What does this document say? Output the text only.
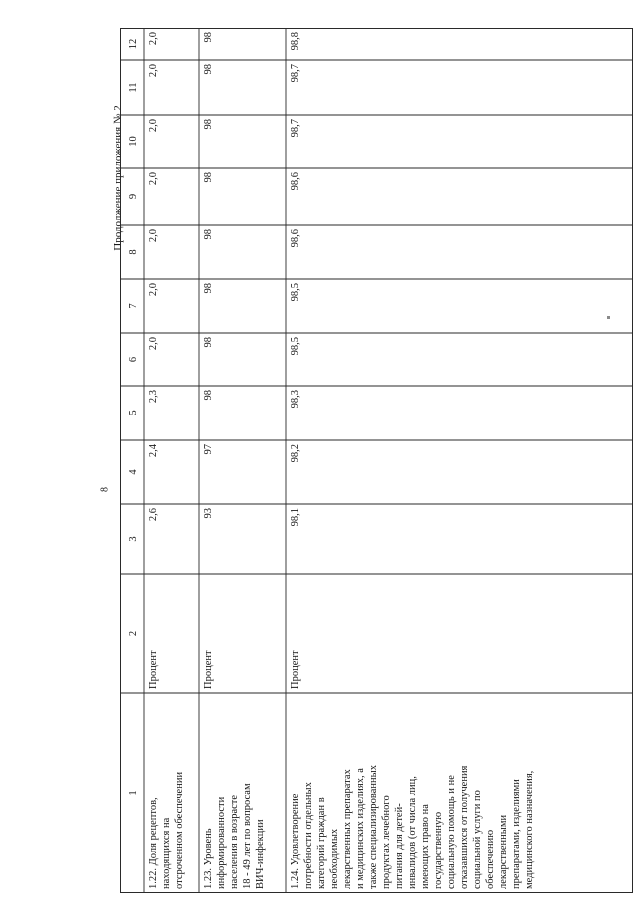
8
Продолжение приложения № 2
1
2
3
4
5
6
7
8
9
10
11
12
1.22. Доля рецептов, находящихся на отсроченном обеспечении
Процент
2,6
2,4
2,3
2,0
2,0
2,0
2,0
2,0
2,0
2,0
1.23. Уровень информированности населения в возрасте 18 - 49 лет по вопросам ВИЧ-инфекции
Процент
93
97
98
98
98
98
98
98
98
98
1.24. Удовлетворение потребности отдельных категорий граждан в необходимых лекарственных препаратах и медицинских изделиях, а также специализированных продуктах лечебного питания для детей- инвалидов (от числа лиц, имеющих право на государственную социальную помощь и не отказавшихся от получения социальной услуги по обеспечению лекарственными препаратами, изделиями медицинского назначения,
Процент
98,1
98,2
98,3
98,5
98,5
98,6
98,6
98,7
98,7
98,8
